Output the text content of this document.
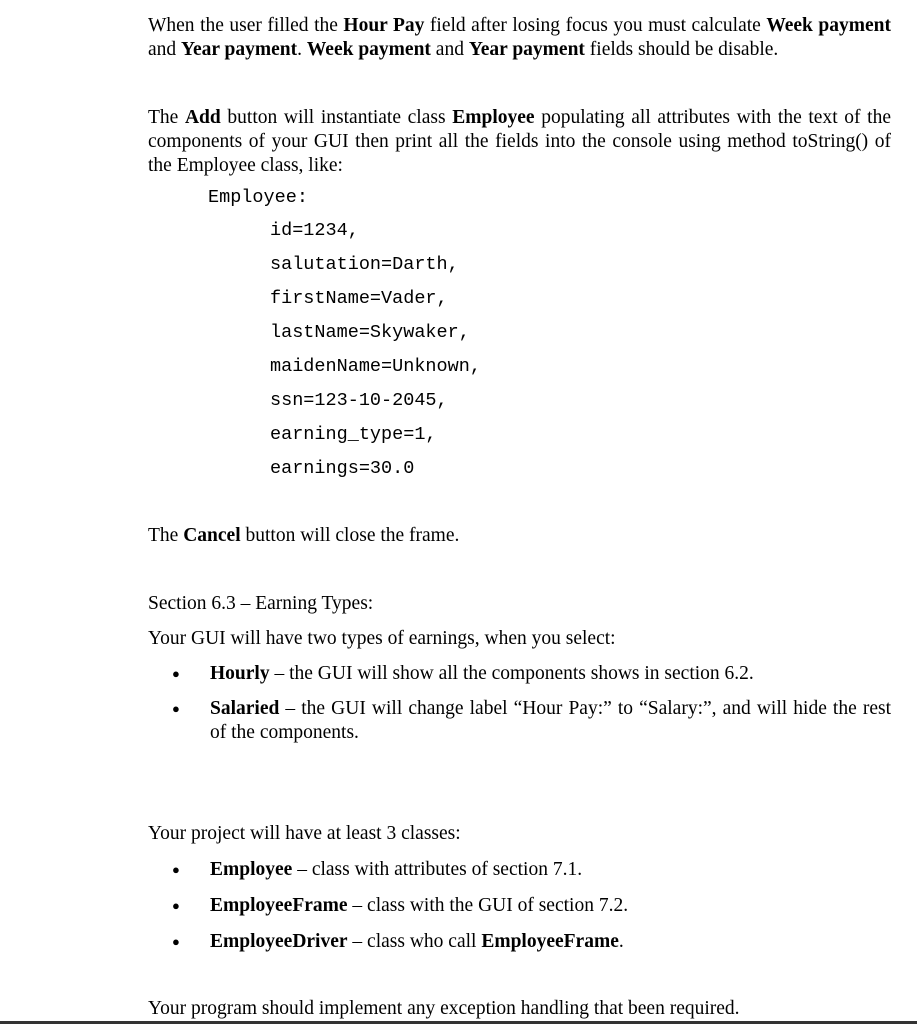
When the user filled the Hour Pay field after losing focus you must calculate Week payment and Year payment. Week payment and Year payment fields should be disable.

The Add button will instantiate class Employee populating all attributes with the text of the components of your GUI then print all the fields into the console using method toString() of the Employee class, like:

Employee:
id=1234,
salutation=Darth,
firstName=Vader,
lastName=Skywaker,
maidenName=Unknown,
ssn=123-10-2045,
earning_type=1,
earnings=30.0

The Cancel button will close the frame.

Section 6.3 – Earning Types:

Your GUI will have two types of earnings, when you select:

●	Hourly – the GUI will show all the components shows in section 6.2.
●	Salaried – the GUI will change label “Hour Pay:” to “Salary:”, and will hide the rest of the components.

Your project will have at least 3 classes:

●	Employee – class with attributes of section 7.1.
●	EmployeeFrame – class with the GUI of section 7.2.
●	EmployeeDriver – class who call EmployeeFrame.

Your program should implement any exception handling that been required.
